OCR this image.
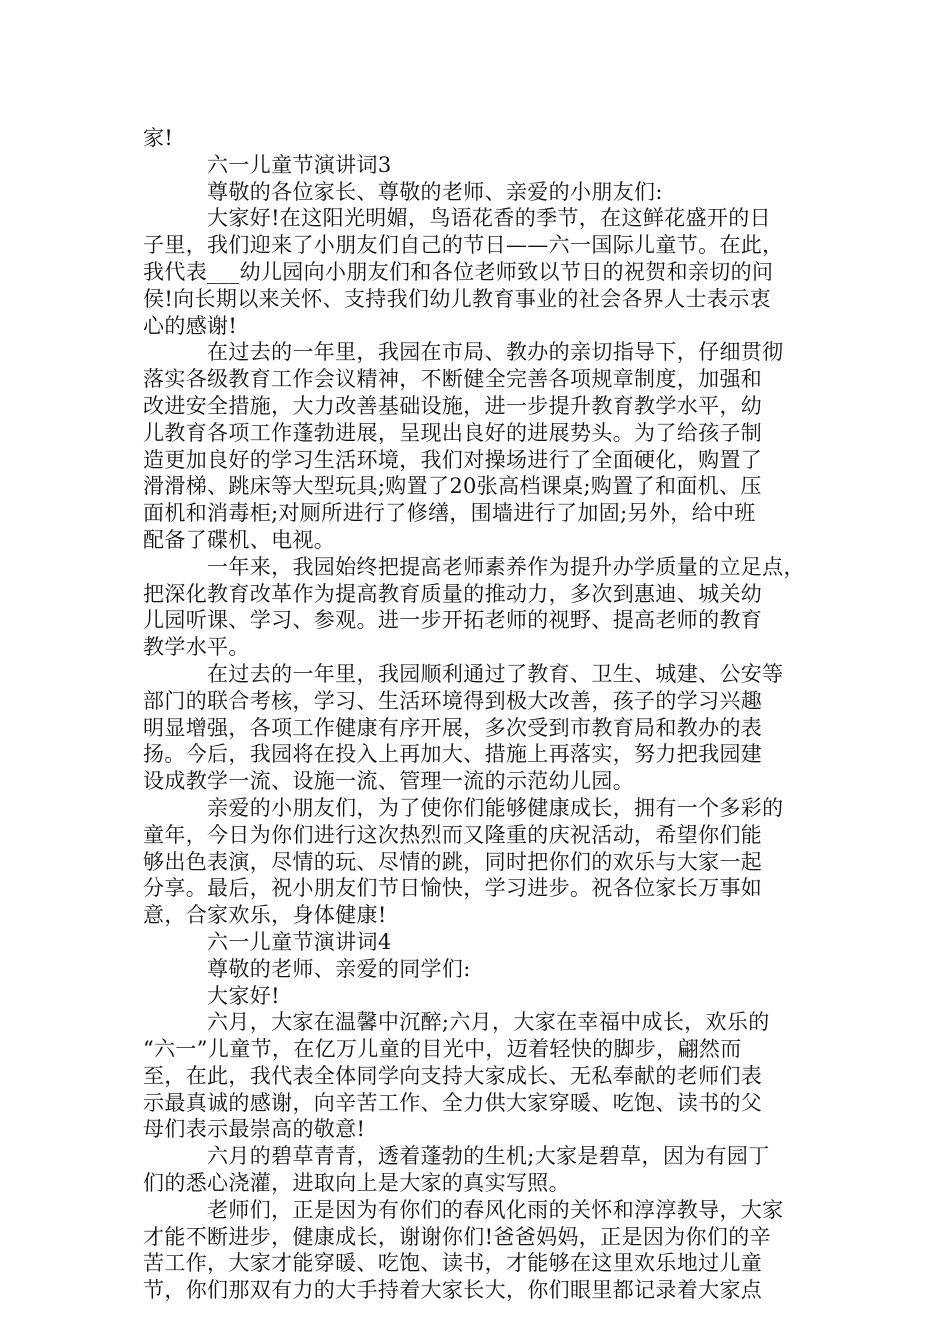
家!

　　　六一儿童节演讲词3

　　　尊敬的各位家长、尊敬的老师、亲爱的小朋友们:

　　　大家好!在这阳光明媚，鸟语花香的季节，在这鲜花盛开的日
子里，我们迎来了小朋友们自己的节日——六一国际儿童节。在此，
我代表___幼儿园向小朋友们和各位老师致以节日的祝贺和亲切的问
侯!向长期以来关怀、支持我们幼儿教育事业的社会各界人士表示衷
心的感谢!

　　　在过去的一年里，我园在市局、教办的亲切指导下，仔细贯彻
落实各级教育工作会议精神，不断健全完善各项规章制度，加强和
改进安全措施，大力改善基础设施，进一步提升教育教学水平，幼
儿教育各项工作蓬勃进展，呈现出良好的进展势头。为了给孩子制
造更加良好的学习生活环境，我们对操场进行了全面硬化，购置了
滑滑梯、跳床等大型玩具;购置了20张高档课桌;购置了和面机、压
面机和消毒柜;对厕所进行了修缮，围墙进行了加固;另外，给中班
配备了碟机、电视。

　　　一年来，我园始终把提高老师素养作为提升办学质量的立足点，
把深化教育改革作为提高教育质量的推动力，多次到惠迪、城关幼
儿园听课、学习、参观。进一步开拓老师的视野、提高老师的教育
教学水平。

　　　在过去的一年里，我园顺利通过了教育、卫生、城建、公安等
部门的联合考核，学习、生活环境得到极大改善，孩子的学习兴趣
明显增强，各项工作健康有序开展，多次受到市教育局和教办的表
扬。今后，我园将在投入上再加大、措施上再落实，努力把我园建
设成教学一流、设施一流、管理一流的示范幼儿园。

　　　亲爱的小朋友们，为了使你们能够健康成长，拥有一个多彩的
童年，今日为你们进行这次热烈而又隆重的庆祝活动，希望你们能
够出色表演，尽情的玩、尽情的跳，同时把你们的欢乐与大家一起
分享。最后，祝小朋友们节日愉快，学习进步。祝各位家长万事如
意，合家欢乐，身体健康!

　　　六一儿童节演讲词4

　　　尊敬的老师、亲爱的同学们:

　　　大家好!

　　　六月，大家在温馨中沉醉;六月，大家在幸福中成长，欢乐的
“六一”儿童节，在亿万儿童的目光中，迈着轻快的脚步，翩然而
至，在此，我代表全体同学向支持大家成长、无私奉献的老师们表
示最真诚的感谢，向辛苦工作、全力供大家穿暖、吃饱、读书的父
母们表示最崇高的敬意!

　　　六月的碧草青青，透着蓬勃的生机;大家是碧草，因为有园丁
们的悉心浇灌，进取向上是大家的真实写照。

　　　老师们，正是因为有你们的春风化雨的关怀和淳淳教导，大家
才能不断进步，健康成长，谢谢你们!爸爸妈妈，正是因为你们的辛
苦工作，大家才能穿暖、吃饱、读书，才能够在这里欢乐地过儿童
节，你们那双有力的大手持着大家长大，你们眼里都记录着大家点
